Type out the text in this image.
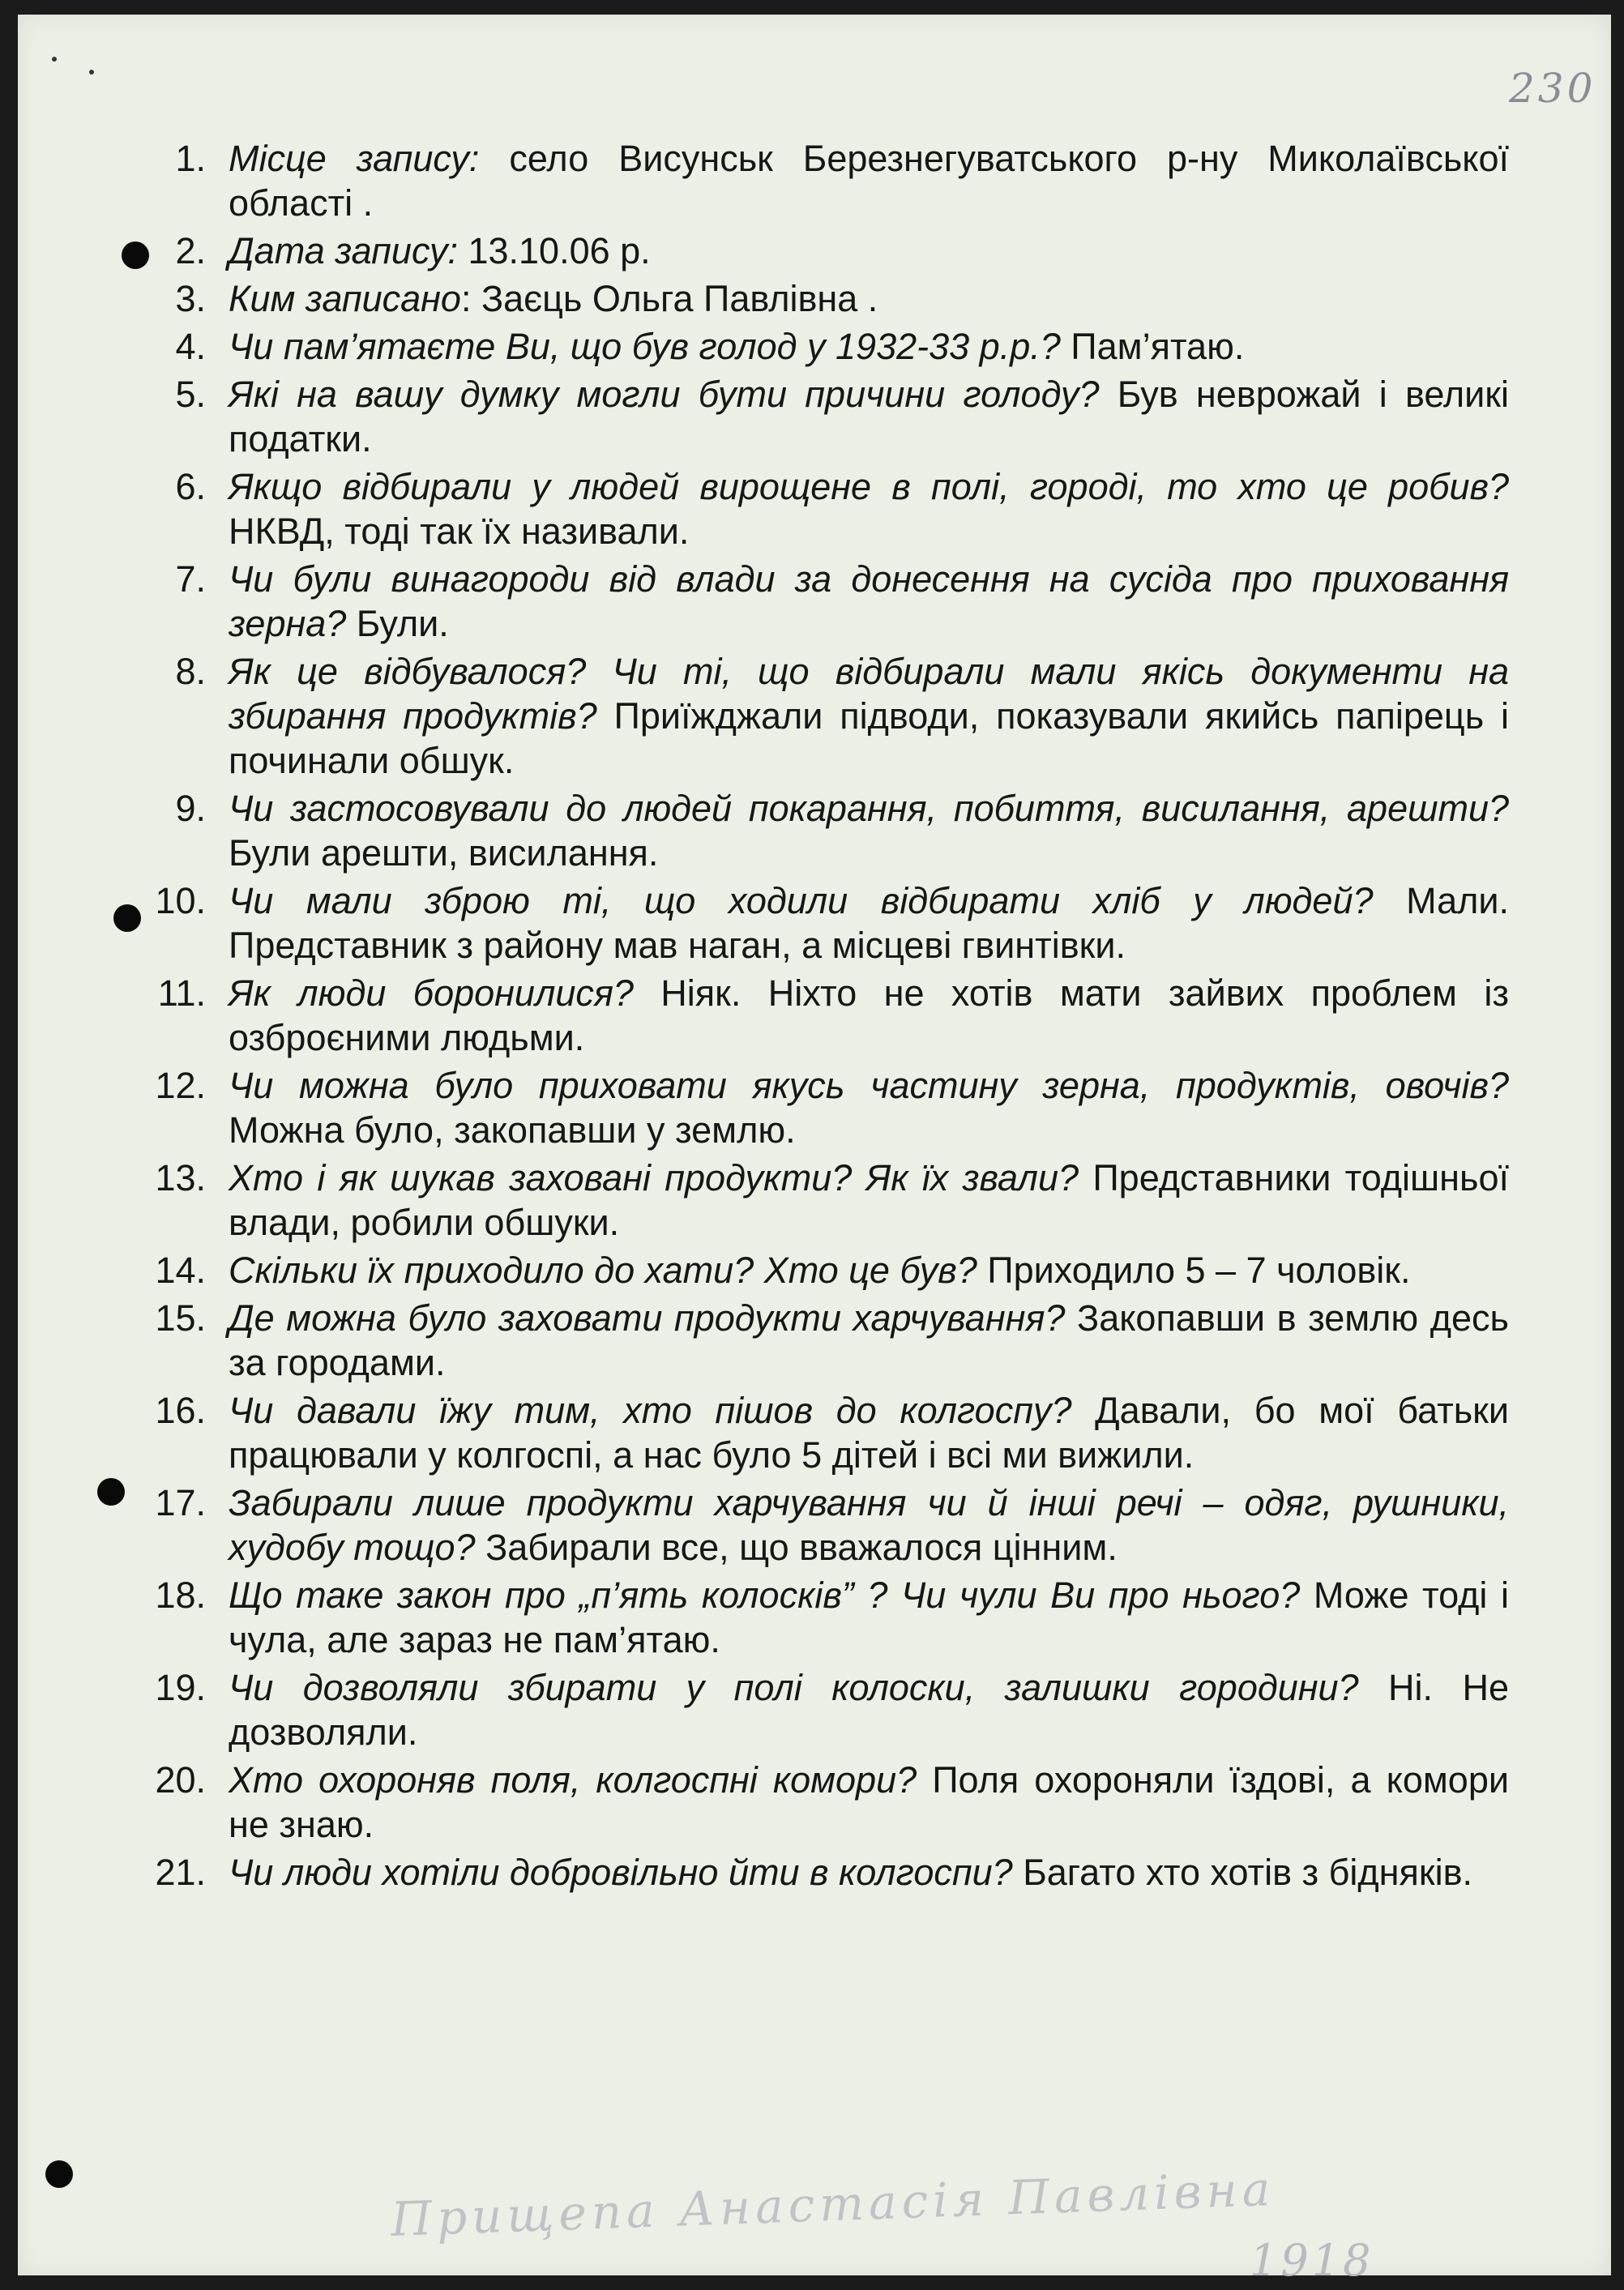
230
1. Місце запису: село Висунськ Березнегуватського р-ну Миколаївської області .
2. Дата запису: 13.10.06 р.
3. Ким записано: Заєць Ольга Павлівна .
4. Чи пам’ятаєте Ви, що був голод у 1932-33 р.р.? Пам’ятаю.
5. Які на вашу думку могли бути причини голоду? Був неврожай і великі податки.
6. Якщо відбирали у людей вирощене в полі, городі, то хто це робив? НКВД, тоді так їх називали.
7. Чи були винагороди від влади за донесення на сусіда про приховання зерна? Були.
8. Як це відбувалося? Чи ті, що відбирали мали якісь документи на збирання продуктів? Приїжджали підводи, показували якийсь папірець і починали обшук.
9. Чи застосовували до людей покарання, побиття, висилання, арешти? Були арешти, висилання.
10. Чи мали зброю ті, що ходили відбирати хліб у людей? Мали. Представник з району мав наган, а місцеві гвинтівки.
11. Як люди боронилися? Ніяк. Ніхто не хотів мати зайвих проблем із озброєними людьми.
12. Чи можна було приховати якусь частину зерна, продуктів, овочів? Можна було, закопавши у землю.
13. Хто і як шукав заховані продукти? Як їх звали? Представники тодішньої влади, робили обшуки.
14. Скільки їх приходило до хати? Хто це був? Приходило 5 – 7 чоловік.
15. Де можна було заховати продукти харчування? Закопавши в землю десь за городами.
16. Чи давали їжу тим, хто пішов до колгоспу? Давали, бо мої батьки працювали у колгоспі, а нас було 5 дітей і всі ми вижили.
17. Забирали лише продукти харчування чи й інші речі – одяг, рушники, худобу тощо? Забирали все, що вважалося цінним.
18. Що таке закон про „п’ять колосків” ? Чи чули Ви про нього? Може тоді і чула, але зараз не пам’ятаю.
19. Чи дозволяли збирати у полі колоски, залишки городини? Ні. Не дозволяли.
20. Хто охороняв поля, колгоспні комори? Поля охороняли їздові, а комори не знаю.
21. Чи люди хотіли добровільно йти в колгоспи? Багато хто хотів з бідняків.
Прищепа Анастасія Павлівна
1918
